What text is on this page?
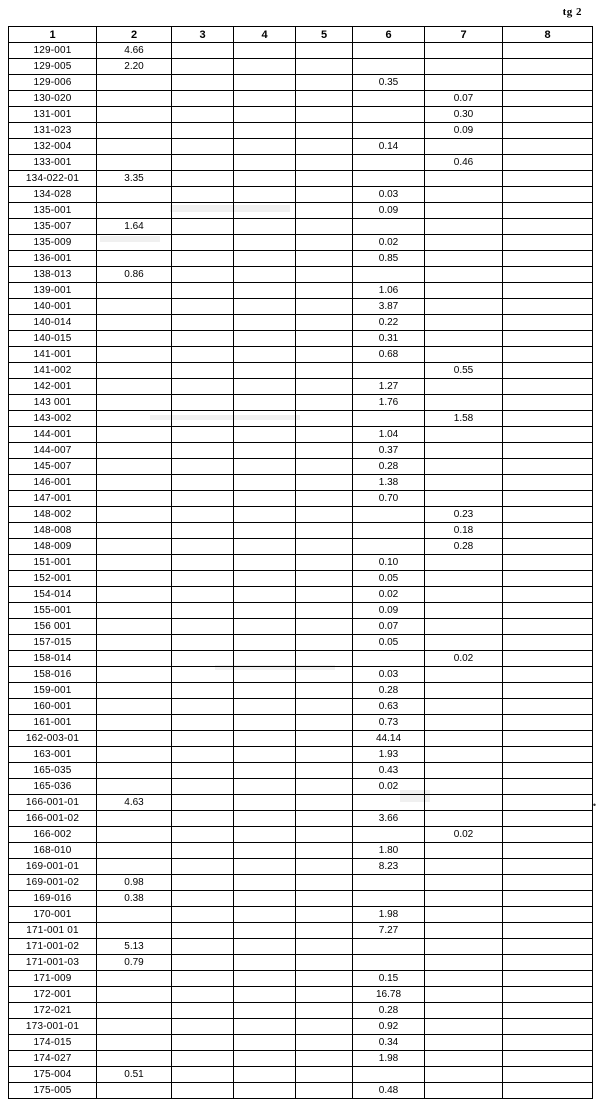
tg 2
•
1	2	3	4	5	6	7	8
129-001	4.66						
129-005	2.20						
129-006					0.35		
130-020						0.07	
131-001						0.30	
131-023						0.09	
132-004					0.14		
133-001						0.46	
134-022-01	3.35						
134-028					0.03		
135-001					0.09		
135-007	1.64						
135-009					0.02		
136-001					0.85		
138-013	0.86						
139-001					1.06		
140-001					3.87		
140-014					0.22		
140-015					0.31		
141-001					0.68		
141-002						0.55	
142-001					1.27		
143 001					1.76		
143-002						1.58	
144-001					1.04		
144-007					0.37		
145-007					0.28		
146-001					1.38		
147-001					0.70		
148-002						0.23	
148-008						0.18	
148-009						0.28	
151-001					0.10		
152-001					0.05		
154-014					0.02		
155-001					0.09		
156 001					0.07		
157-015					0.05		
158-014						0.02	
158-016					0.03		
159-001					0.28		
160-001					0.63		
161-001					0.73		
162-003-01					44.14		
163-001					1.93		
165-035					0.43		
165-036					0.02		
166-001-01	4.63						
166-001-02					3.66		
166-002						0.02	
168-010					1.80		
169-001-01					8.23		
169-001-02	0.98						
169-016	0.38						
170-001					1.98		
171-001 01					7.27		
171-001-02	5.13						
171-001-03	0.79						
171-009					0.15		
172-001					16.78		
172-021					0.28		
173-001-01					0.92		
174-015					0.34		
174-027					1.98		
175-004	0.51						
175-005					0.48		
